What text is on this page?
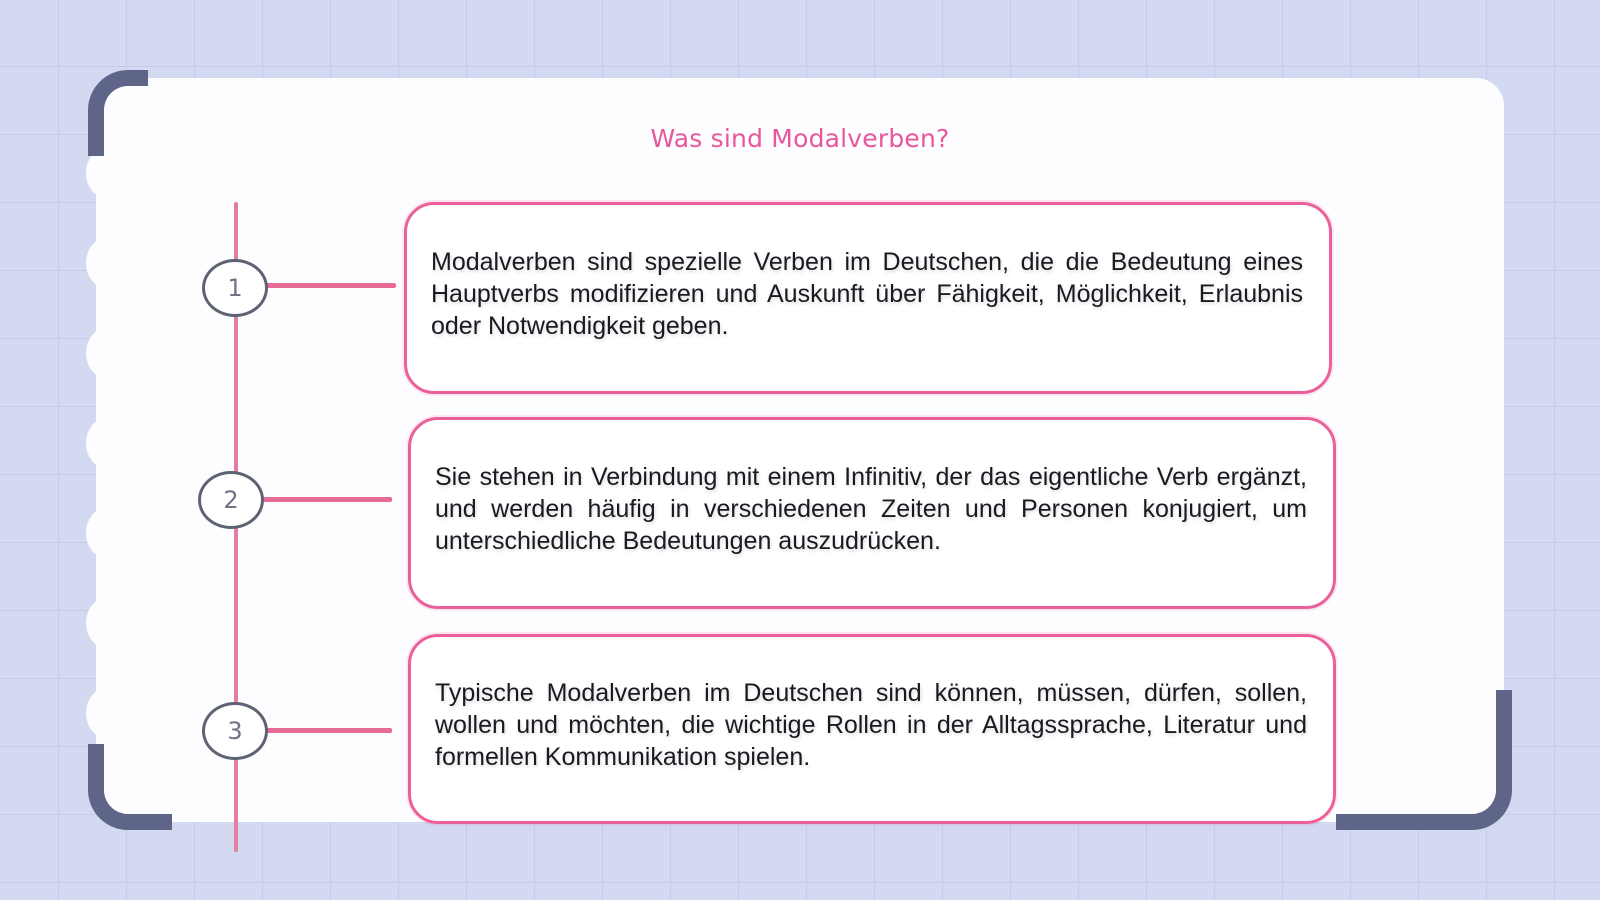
Was sind Modalverben?
1

Modalverben sind spezielle Verben im Deutschen, die die Bedeutung eines Hauptverbs modifizieren und Auskunft über Fähigkeit, Möglichkeit, Erlaubnis oder Notwendigkeit geben.

2

Sie stehen in Verbindung mit einem Infinitiv, der das eigentliche Verb ergänzt, und werden häufig in verschiedenen Zeiten und Personen konjugiert, um unterschiedliche Bedeutungen auszudrücken.

3

Typische Modalverben im Deutschen sind können, müssen, dürfen, sollen, wollen und möchten, die wichtige Rollen in der Alltagssprache, Literatur und formellen Kommunikation spielen.
